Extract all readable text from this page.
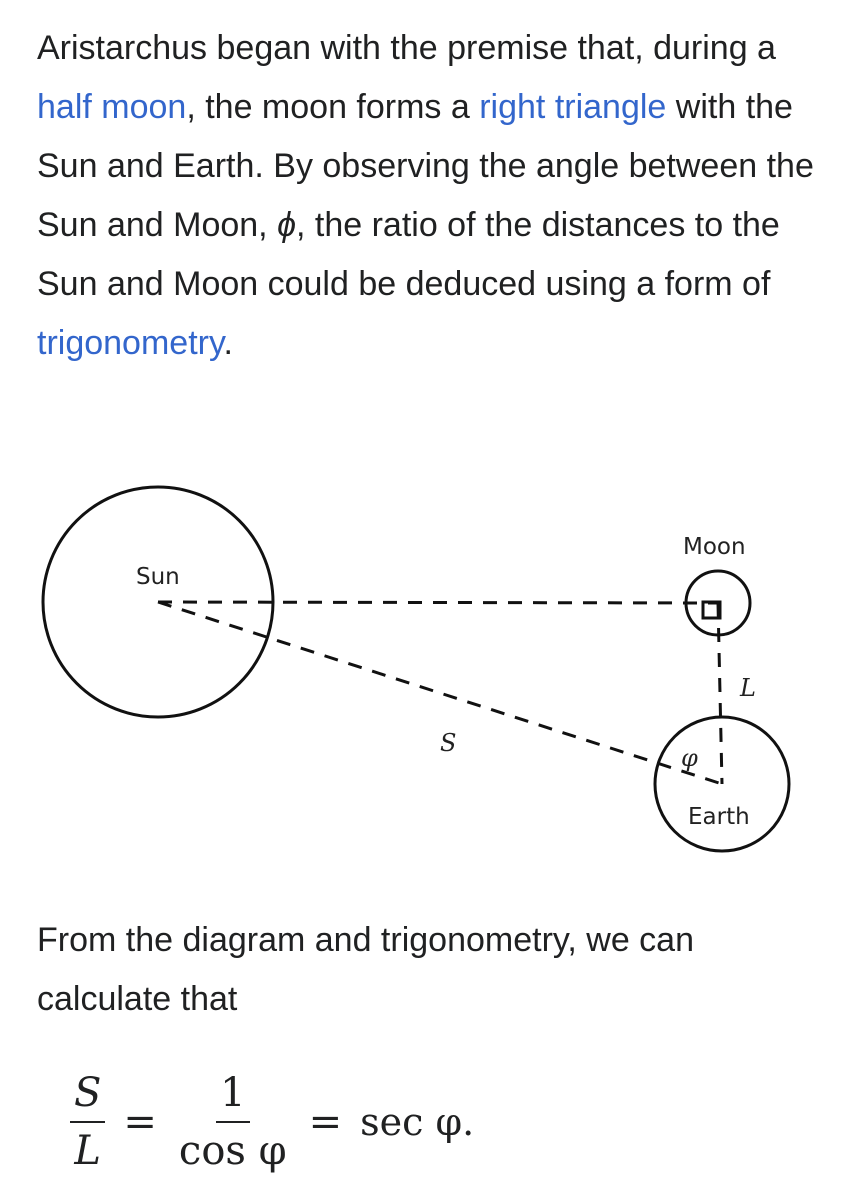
Aristarchus began with the premise that, during a half moon, the moon forms a right triangle with the Sun and Earth. By observing the angle between the Sun and Moon, ϕ, the ratio of the distances to the Sun and Moon could be deduced using a form of trigonometry.

Sun
Moon
Earth
S
L
φ

From the diagram and trigonometry, we can calculate that

$\frac{S}{L} = \frac{1}{\text{cos φ}} = \sec \varphi$.
